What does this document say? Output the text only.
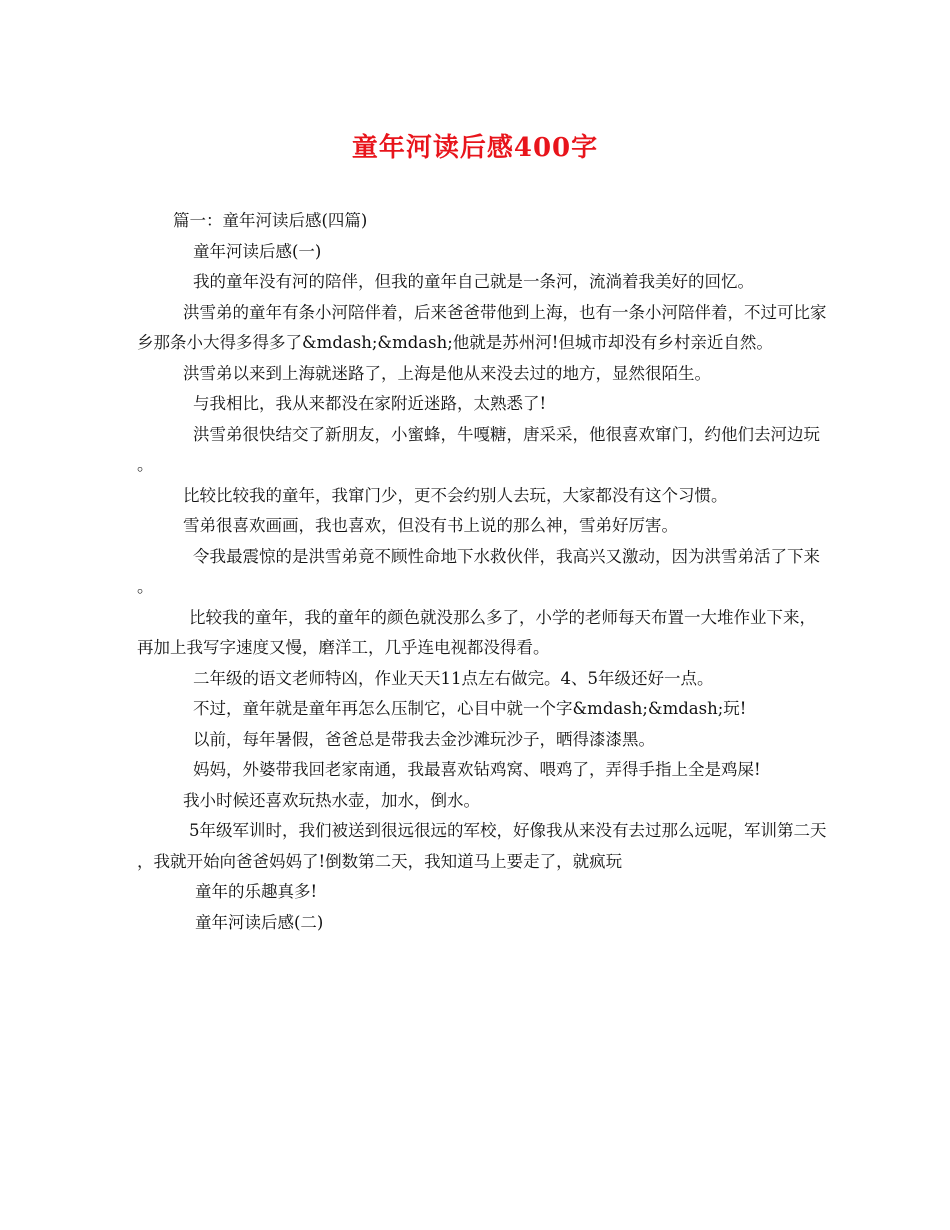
童年河读后感400字

篇一：童年河读后感(四篇)

童年河读后感(一)

我的童年没有河的陪伴，但我的童年自己就是一条河，流淌着我美好的回忆。

洪雪弟的童年有条小河陪伴着，后来爸爸带他到上海，也有一条小河陪伴着，不过可比家乡那条小大得多得多了&mdash;&mdash;他就是苏州河!但城市却没有乡村亲近自然。

洪雪弟以来到上海就迷路了，上海是他从来没去过的地方，显然很陌生。

与我相比，我从来都没在家附近迷路，太熟悉了!

洪雪弟很快结交了新朋友，小蜜蜂，牛嘎糖，唐采采，他很喜欢窜门，约他们去河边玩。

比较比较我的童年，我窜门少，更不会约别人去玩，大家都没有这个习惯。

雪弟很喜欢画画，我也喜欢，但没有书上说的那么神，雪弟好厉害。

令我最震惊的是洪雪弟竟不顾性命地下水救伙伴，我高兴又激动，因为洪雪弟活了下来。

比较我的童年，我的童年的颜色就没那么多了，小学的老师每天布置一大堆作业下来，再加上我写字速度又慢，磨洋工，几乎连电视都没得看。

二年级的语文老师特凶，作业天天11点左右做完。4、5年级还好一点。

不过，童年就是童年再怎么压制它，心目中就一个字&mdash;&mdash;玩!

以前，每年暑假，爸爸总是带我去金沙滩玩沙子，晒得漆漆黑。

妈妈，外婆带我回老家南通，我最喜欢钻鸡窝、喂鸡了，弄得手指上全是鸡屎!

我小时候还喜欢玩热水壶，加水，倒水。

5年级军训时，我们被送到很远很远的军校，好像我从来没有去过那么远呢，军训第二天，我就开始向爸爸妈妈了!倒数第二天，我知道马上要走了，就疯玩

童年的乐趣真多!

童年河读后感(二)
